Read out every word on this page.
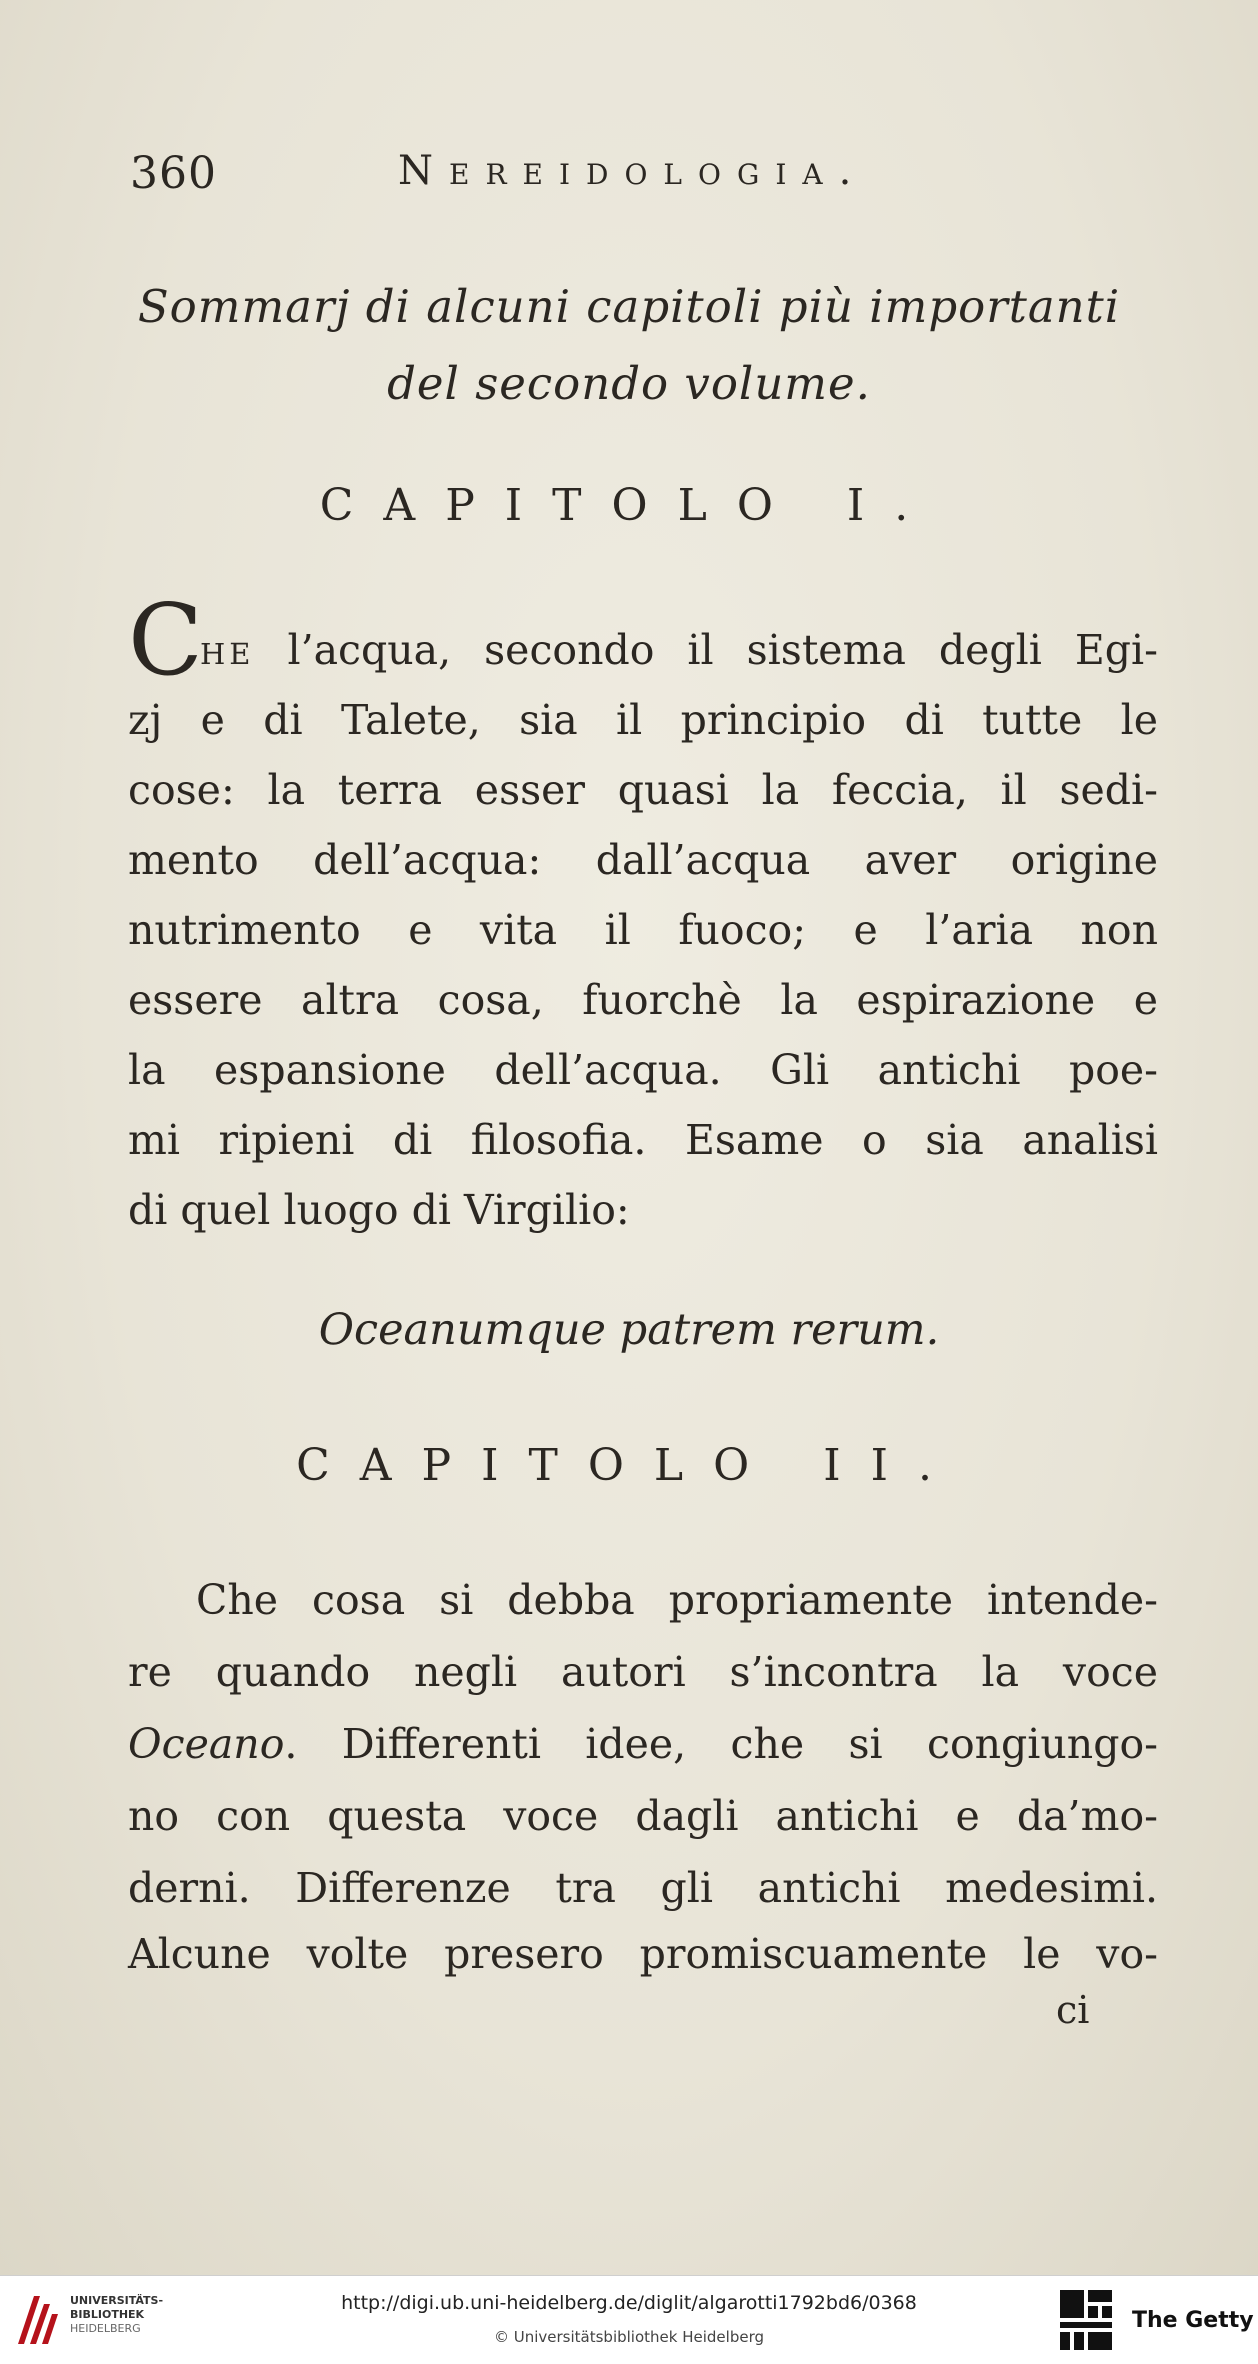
360	Nereidologia.
Sommarj di alcuni capitoli più importanti
del secondo volume.
CAPITOLO I.
C
he l’acqua, secondo il sistema degli Egi-
zj e di Talete, sia il principio di tutte le
cose: la terra esser quasi la feccia, il sedi-
mento dell’acqua: dall’acqua aver origine
nutrimento e vita il fuoco; e l’aria non
essere altra cosa, fuorchè la espirazione e
la espansione dell’acqua. Gli antichi poe-
mi ripieni di filosofia. Esame o sia analisi
di quel luogo di Virgilio:
Oceanumque patrem rerum.
CAPITOLO II.
Che cosa si debba propriamente intende-
re quando negli autori s’incontra la voce
Oceano. Differenti idee, che si congiungo-
no con questa voce dagli antichi e da’mo-
derni. Differenze tra gli antichi medesimi.
Alcune volte presero promiscuamente le vo-
ci
UNIVERSITÄTS-
BIBLIOTHEK
HEIDELBERG
http://digi.ub.uni-heidelberg.de/diglit/algarotti1792bd6/0368
© Universitätsbibliothek Heidelberg
The Getty
